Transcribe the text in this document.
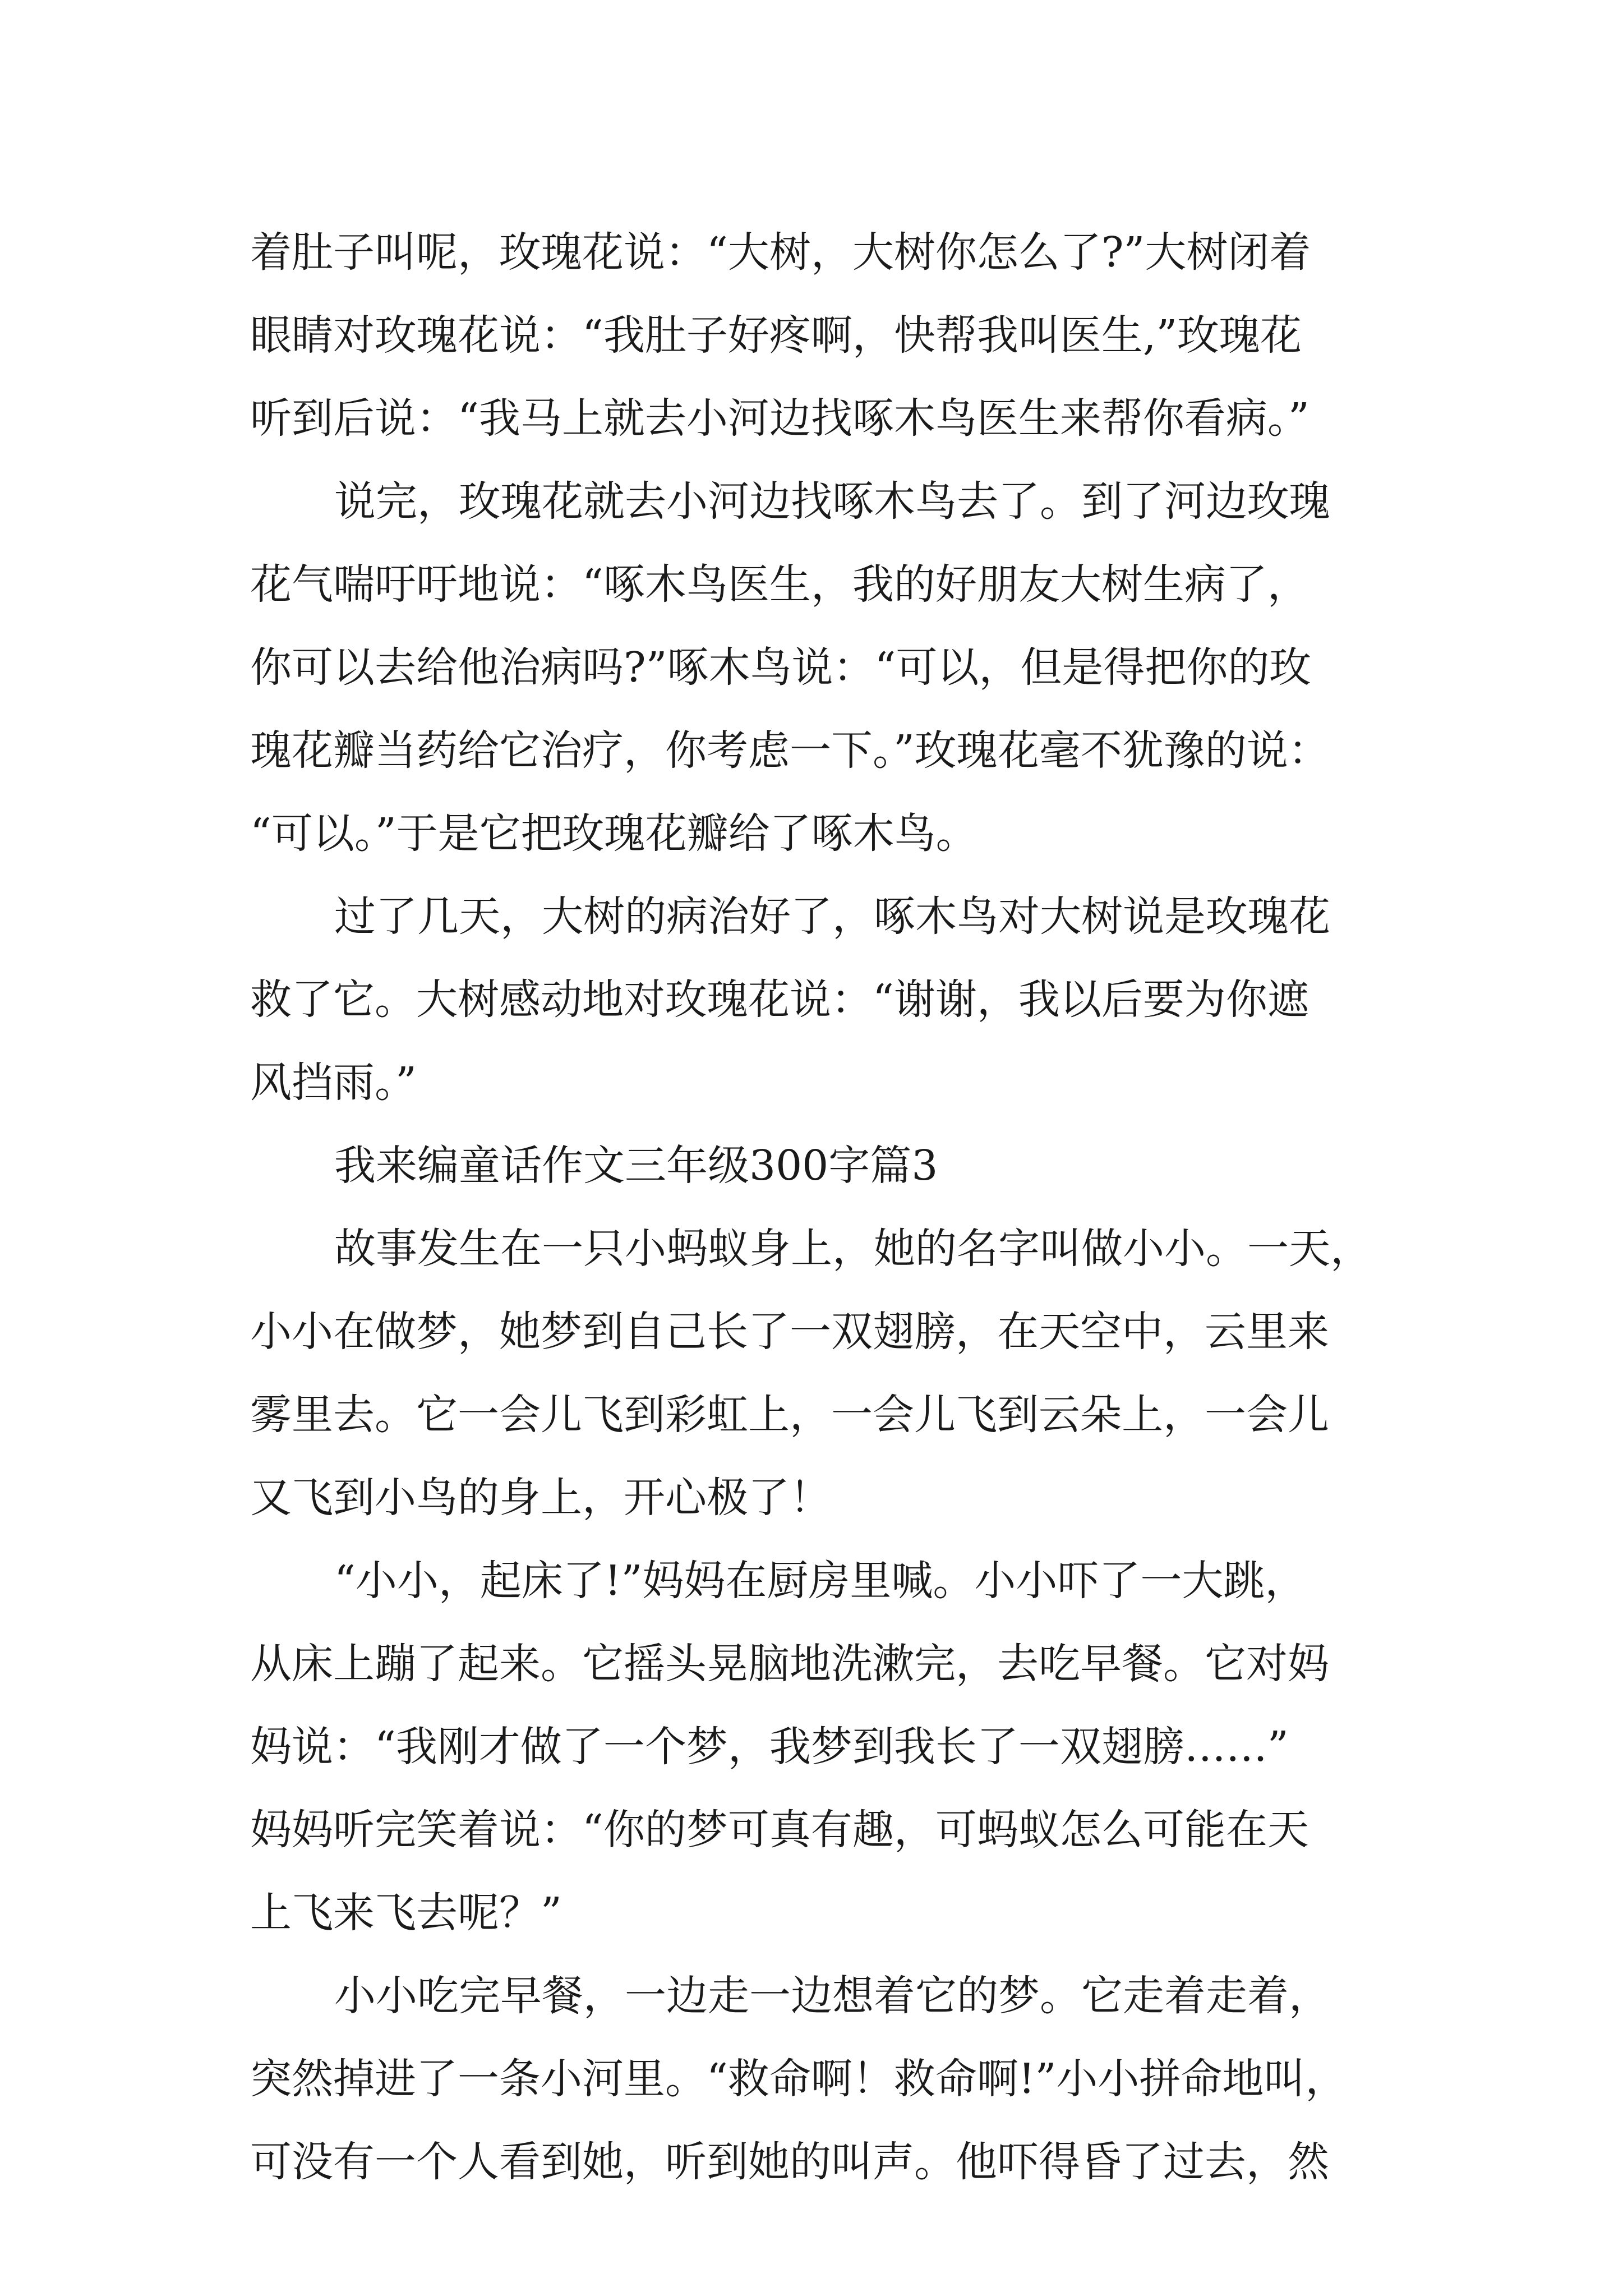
着肚子叫呢，玫瑰花说：“大树，大树你怎么了?”大树闭着
眼睛对玫瑰花说：“我肚子好疼啊，快帮我叫医生,”玫瑰花
听到后说：“我马上就去小河边找啄木鸟医生来帮你看病。”
说完，玫瑰花就去小河边找啄木鸟去了。到了河边玫瑰
花气喘吁吁地说：“啄木鸟医生，我的好朋友大树生病了，
你可以去给他治病吗?”啄木鸟说：“可以，但是得把你的玫
瑰花瓣当药给它治疗，你考虑一下。”玫瑰花毫不犹豫的说：
“可以。”于是它把玫瑰花瓣给了啄木鸟。
过了几天，大树的病治好了，啄木鸟对大树说是玫瑰花
救了它。大树感动地对玫瑰花说：“谢谢，我以后要为你遮
风挡雨。”
我来编童话作文三年级300字篇3
故事发生在一只小蚂蚁身上，她的名字叫做小小。一天，
小小在做梦，她梦到自己长了一双翅膀，在天空中，云里来
雾里去。它一会儿飞到彩虹上，一会儿飞到云朵上，一会儿
又飞到小鸟的身上，开心极了！
“小小，起床了!”妈妈在厨房里喊。小小吓了一大跳，
从床上蹦了起来。它摇头晃脑地洗漱完，去吃早餐。它对妈
妈说：“我刚才做了一个梦，我梦到我长了一双翅膀……”
妈妈听完笑着说：“你的梦可真有趣，可蚂蚁怎么可能在天
上飞来飞去呢？”
小小吃完早餐，一边走一边想着它的梦。它走着走着，
突然掉进了一条小河里。“救命啊！救命啊!”小小拼命地叫，
可没有一个人看到她，听到她的叫声。他吓得昏了过去，然
